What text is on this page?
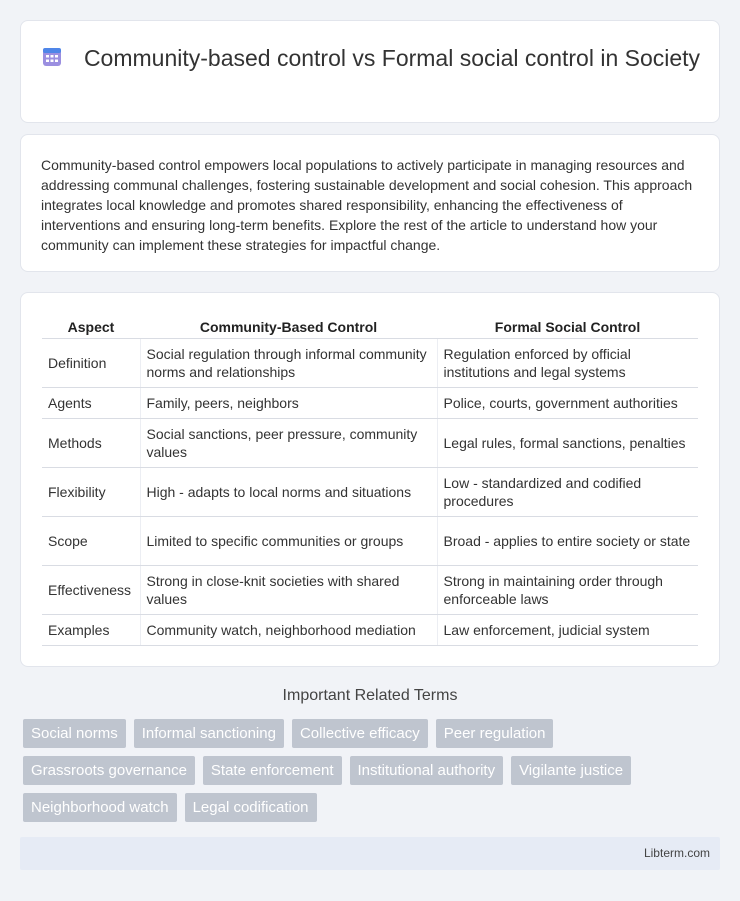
Community-based control vs Formal social control in Society

Community-based control empowers local populations to actively participate in managing resources and addressing communal challenges, fostering sustainable development and social cohesion. This approach integrates local knowledge and promotes shared responsibility, enhancing the effectiveness of interventions and ensuring long-term benefits. Explore the rest of the article to understand how your community can implement these strategies for impactful change.

Aspect	Community-Based Control	Formal Social Control
Definition	Social regulation through informal community norms and relationships	Regulation enforced by official institutions and legal systems
Agents	Family, peers, neighbors	Police, courts, government authorities
Methods	Social sanctions, peer pressure, community values	Legal rules, formal sanctions, penalties
Flexibility	High - adapts to local norms and situations	Low - standardized and codified procedures
Scope	Limited to specific communities or groups	Broad - applies to entire society or state
Effectiveness	Strong in close-knit societies with shared values	Strong in maintaining order through enforceable laws
Examples	Community watch, neighborhood mediation	Law enforcement, judicial system
Important Related Terms
Social norms	Informal sanctioning	Collective efficacy	Peer regulation
Grassroots governance	State enforcement	Institutional authority	Vigilante justice
Neighborhood watch	Legal codification
Libterm.com
